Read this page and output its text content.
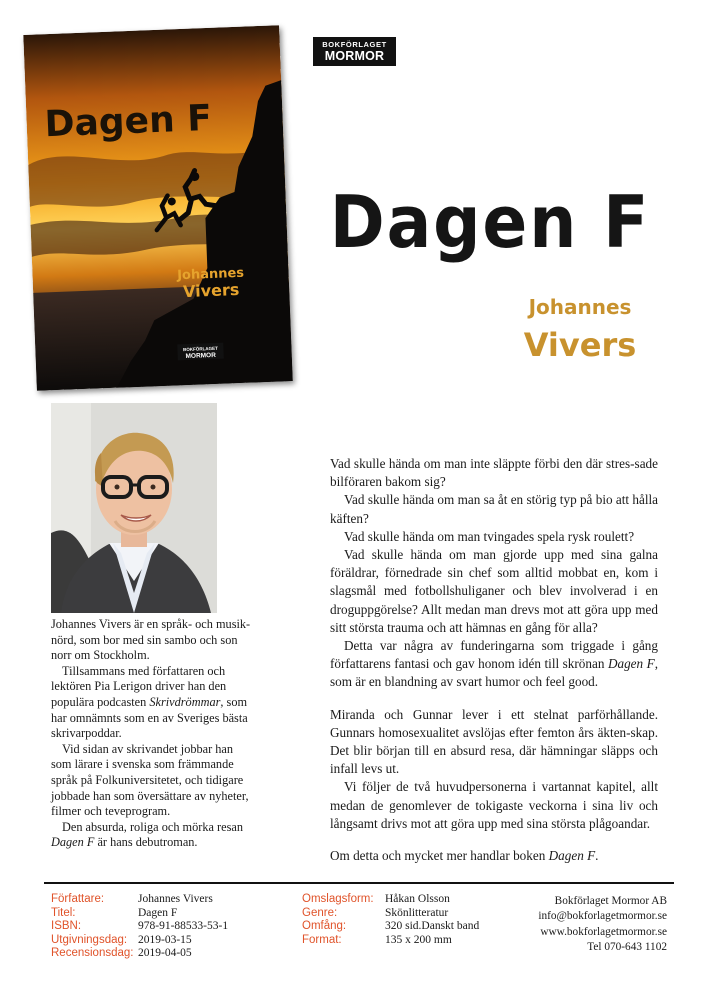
Dagen F
Johannes
Vivers
BOKFÖRLAGET
MORMOR
BOKFÖRLAGET
MORMOR
Dagen F
Johannes
Vivers

Johannes Vivers är en språk- och musik-nörd, som bor med sin sambo och son norr om Stockholm.

Tillsammans med författaren och lektören Pia Lerigon driver han den populära podcasten Skrivdrömmar, som har omnämnts som en av Sveriges bästa skrivarpoddar.

Vid sidan av skrivandet jobbar han som lärare i svenska som främmande språk på Folkuniversitetet, och tidigare jobbade han som översättare av nyheter, filmer och teveprogram.

Den absurda, roliga och mörka resan Dagen F är hans debutroman.

Vad skulle hända om man inte släppte förbi den där stres-sade bilföraren bakom sig?

Vad skulle hända om man sa åt en störig typ på bio att hålla käften?

Vad skulle hända om man tvingades spela rysk roulett?

Vad skulle hända om man gjorde upp med sina galna föräldrar, förnedrade sin chef som alltid mobbat en, kom i slagsmål med fotbollshuliganer och blev involverad i en droguppgörelse? Allt medan man drevs mot att göra upp med sitt största trauma och att hämnas en gång för alla?

Detta var några av funderingarna som triggade i gång författarens fantasi och gav honom idén till skrönan Dagen F, som är en blandning av svart humor och feel good.

Miranda och Gunnar lever i ett stelnat parförhållande. Gunnars homosexualitet avslöjas efter femton års äkten-skap. Det blir början till en absurd resa, där hämningar släpps och infall levs ut.

Vi följer de två huvudpersonerna i vartannat kapitel, allt medan de genomlever de tokigaste veckorna i sina liv och långsamt drivs mot att göra upp med sina största plågoandar.

Om detta och mycket mer handlar boken Dagen F.

Författare:
Titel:
ISBN:
Utgivningsdag:
Recensionsdag:
Johannes Vivers
Dagen F
978-91-88533-53-1
2019-03-15
2019-04-05
Omslagsform:
Genre:
Omfång:
Format:
Håkan Olsson
Skönlitteratur
320 sid.Danskt band
135 x 200 mm
Bokförlaget Mormor AB
info@bokforlagetmormor.se
www.bokforlagetmormor.se
Tel 070-643 1102
